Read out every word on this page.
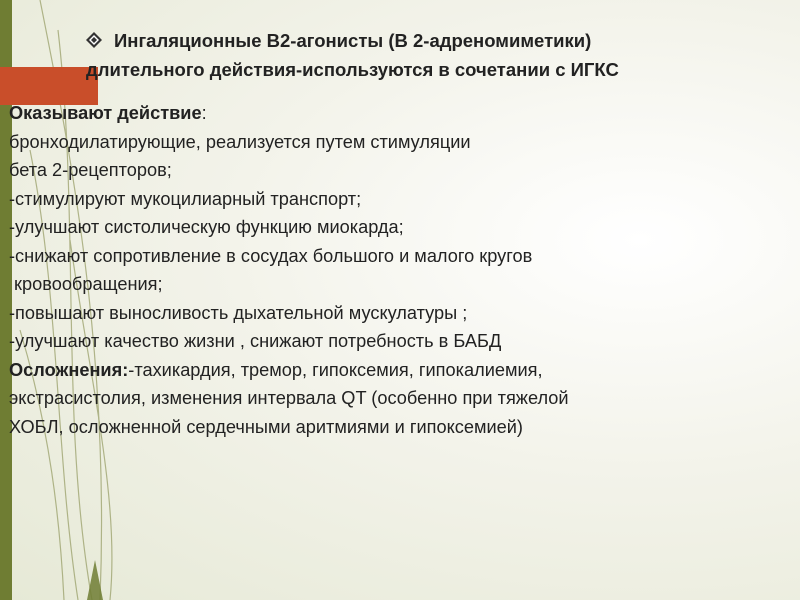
Ингаляционные В2-агонисты (В 2-адреномиметики)
длительного действия-используются в сочетании с ИГКС
Оказывают действие:
бронходилатирующие, реализуется путем стимуляции
бета 2-рецепторов;
-стимулируют мукоцилиарный транспорт;
-улучшают систолическую функцию миокарда;
-снижают сопротивление в сосудах большого и малого кругов
кровообращения;
-повышают выносливость дыхательной мускулатуры ;
-улучшают качество жизни , снижают потребность в БАБД
Осложнения:-тахикардия, тремор, гипоксемия, гипокалиемия,
экстрасистолия, изменения интервала QT (особенно при тяжелой
ХОБЛ, осложненной сердечными аритмиями и гипоксемией)
